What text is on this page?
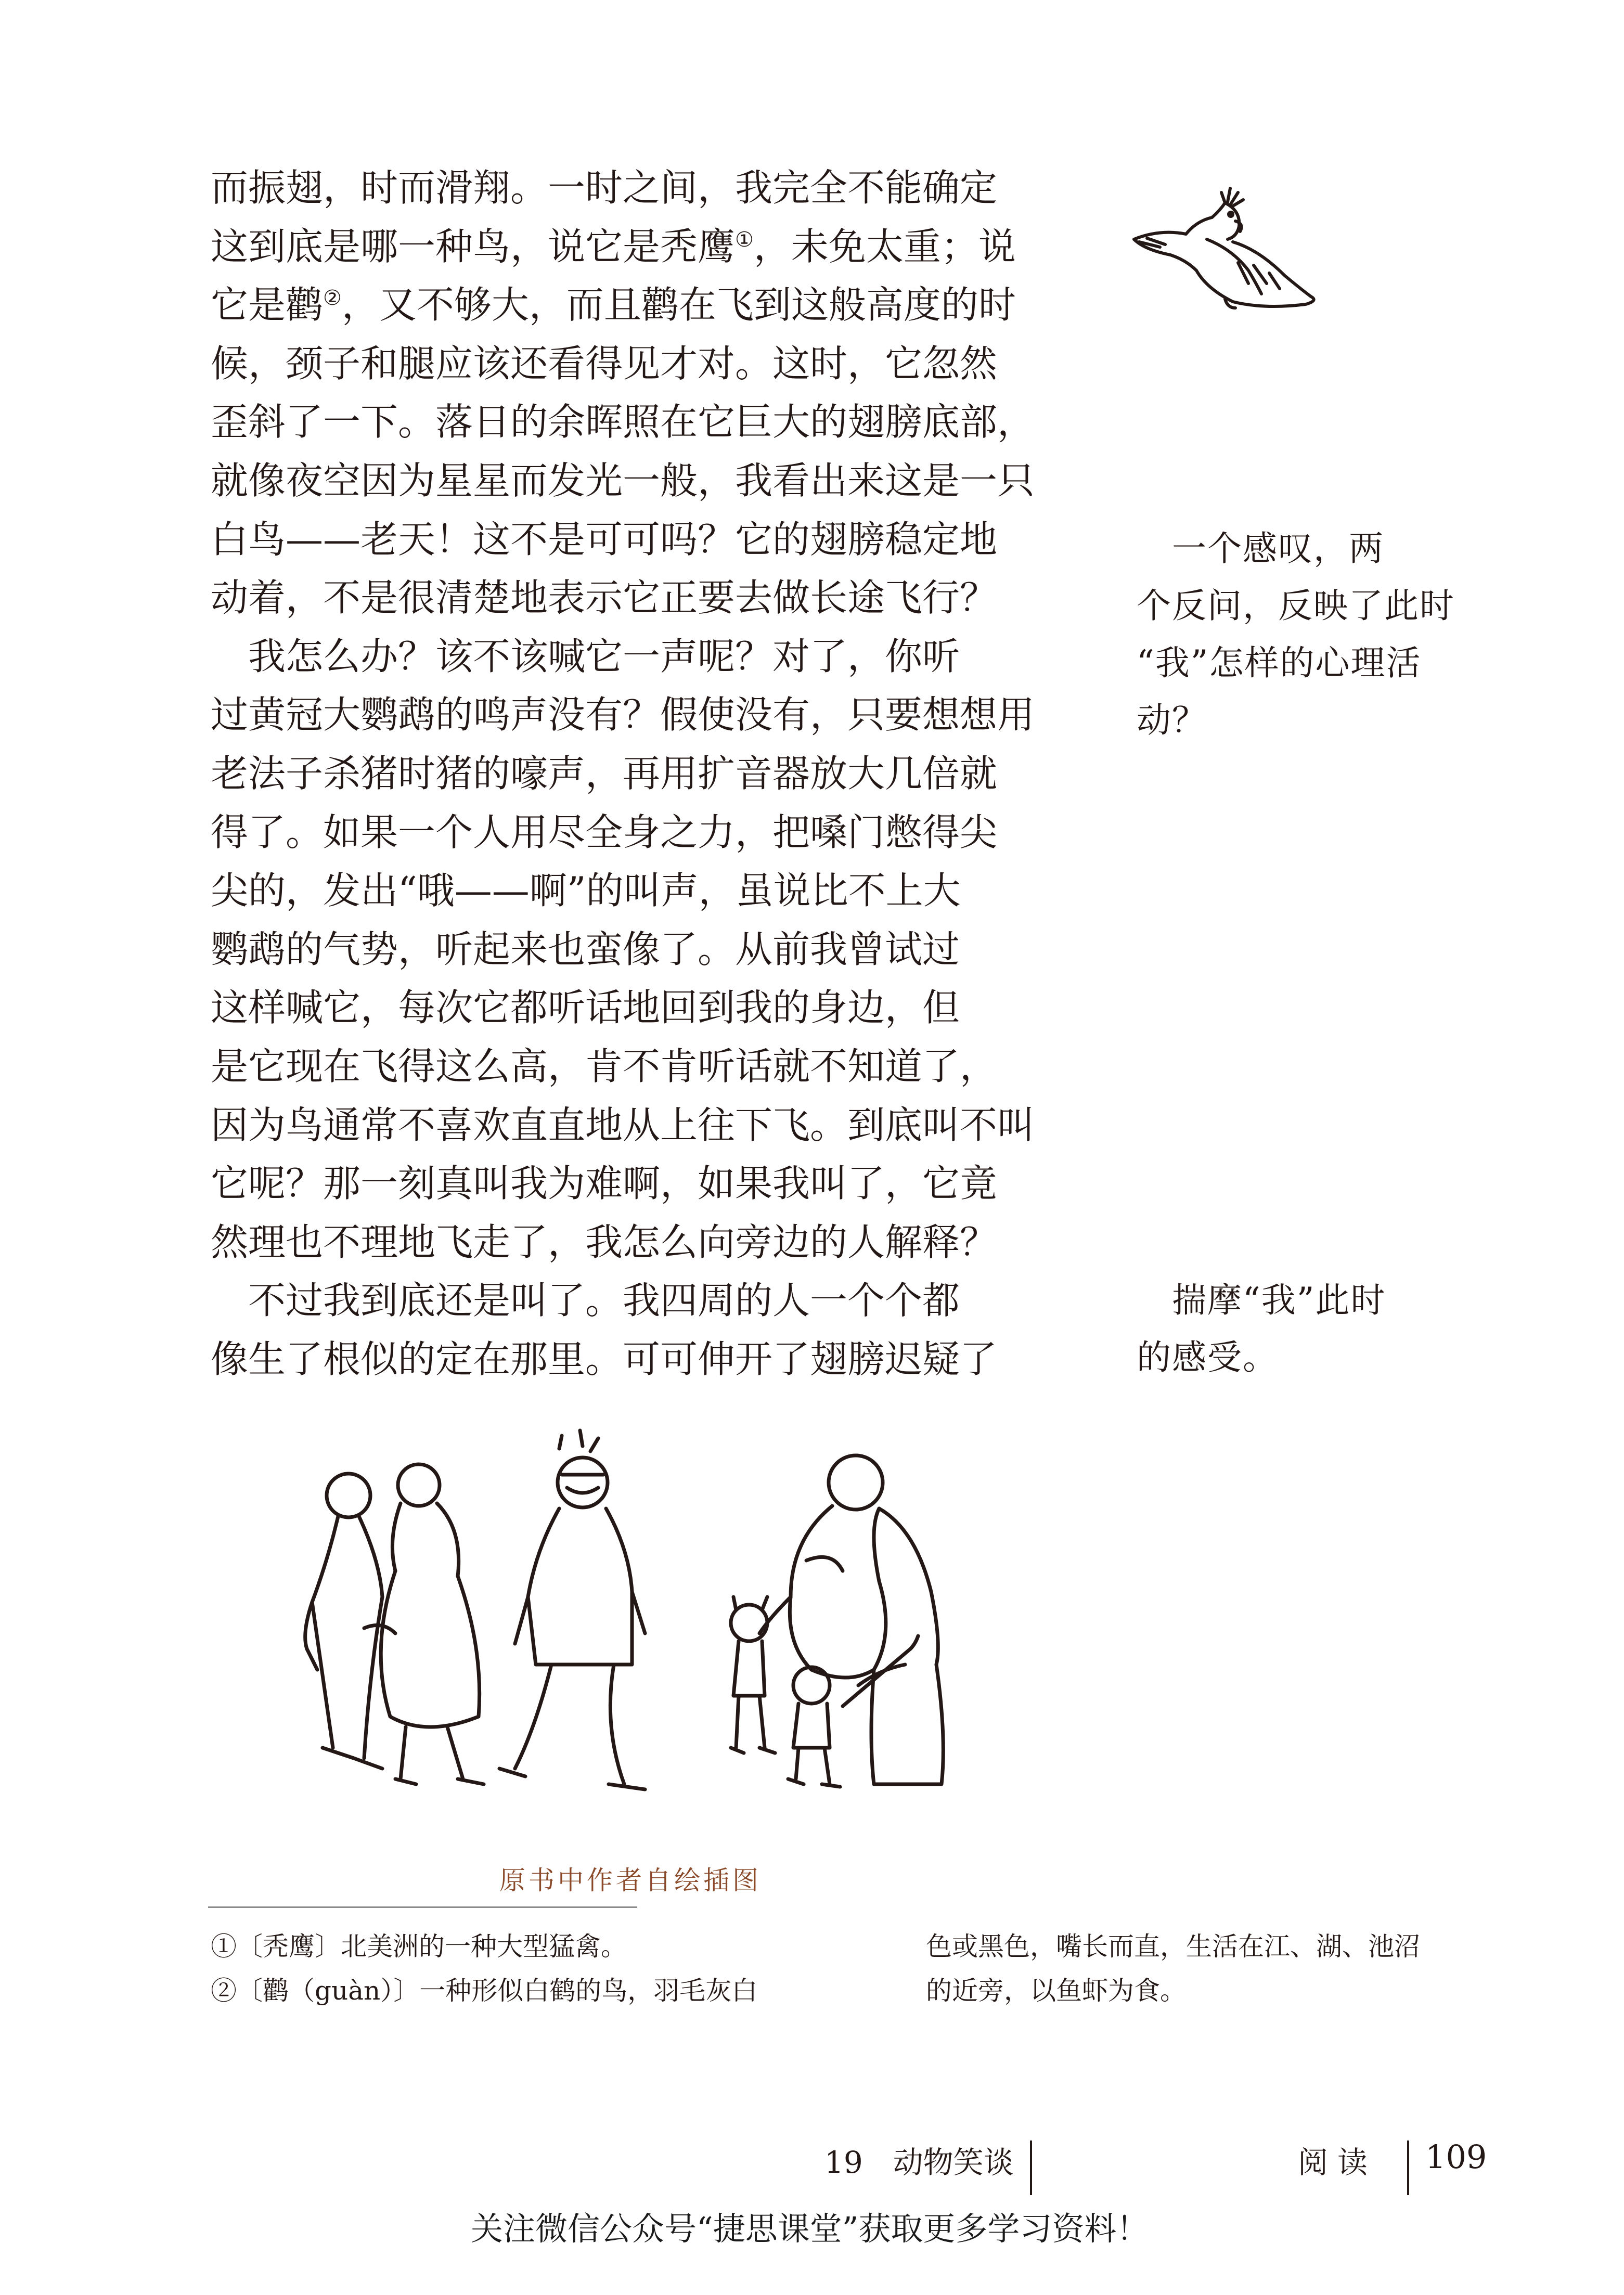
而振翅，时而滑翔。一时之间，我完全不能确定
这到底是哪一种鸟，说它是秃鹰①，未免太重；说
它是鹳②，又不够大，而且鹳在飞到这般高度的时
候，颈子和腿应该还看得见才对。这时，它忽然
歪斜了一下。落日的余晖照在它巨大的翅膀底部，
就像夜空因为星星而发光一般，我看出来这是一只
白鸟——老天！这不是可可吗？它的翅膀稳定地
动着，不是很清楚地表示它正要去做长途飞行？
　我怎么办？该不该喊它一声呢？对了，你听
过黄冠大鹦鹉的鸣声没有？假使没有，只要想想用
老法子杀猪时猪的嚎声，再用扩音器放大几倍就
得了。如果一个人用尽全身之力，把嗓门憋得尖
尖的，发出“哦——啊”的叫声，虽说比不上大
鹦鹉的气势，听起来也蛮像了。从前我曾试过
这样喊它，每次它都听话地回到我的身边，但
是它现在飞得这么高，肯不肯听话就不知道了，
因为鸟通常不喜欢直直地从上往下飞。到底叫不叫
它呢？那一刻真叫我为难啊，如果我叫了，它竟
然理也不理地飞走了，我怎么向旁边的人解释？
　不过我到底还是叫了。我四周的人一个个都
像生了根似的定在那里。可可伸开了翅膀迟疑了
　一个感叹，两
个反问，反映了此时
“我”怎样的心理活
动？
　揣摩“我”此时
的感受。
原书中作者自绘插图
①〔秃鹰〕北美洲的一种大型猛禽。
②〔鹳（guàn）〕一种形似白鹤的鸟，羽毛灰白
色或黑色，嘴长而直，生活在江、湖、池沼
的近旁，以鱼虾为食。
19　动物笑谈	阅读 109
关注微信公众号“捷思课堂”获取更多学习资料！
